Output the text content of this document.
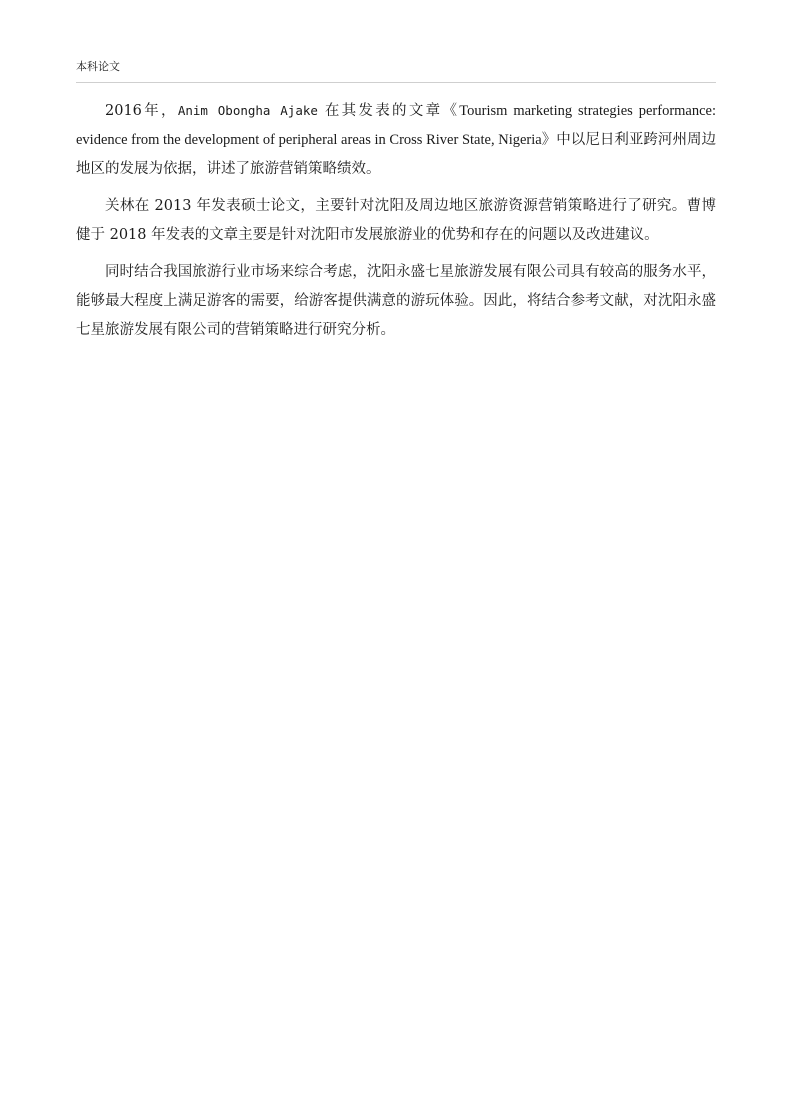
本科论文

2016年，Anim Obongha Ajake 在其发表的文章《Tourism marketing strategies performance: evidence from the development of peripheral areas in Cross River State, Nigeria》中以尼日利亚跨河州周边地区的发展为依据，讲述了旅游营销策略绩效。

关林在 2013 年发表硕士论文，主要针对沈阳及周边地区旅游资源营销策略进行了研究。曹博健于 2018 年发表的文章主要是针对沈阳市发展旅游业的优势和存在的问题以及改进建议。

同时结合我国旅游行业市场来综合考虑，沈阳永盛七星旅游发展有限公司具有较高的服务水平，能够最大程度上满足游客的需要，给游客提供满意的游玩体验。因此，将结合参考文献，对沈阳永盛七星旅游发展有限公司的营销策略进行研究分析。
